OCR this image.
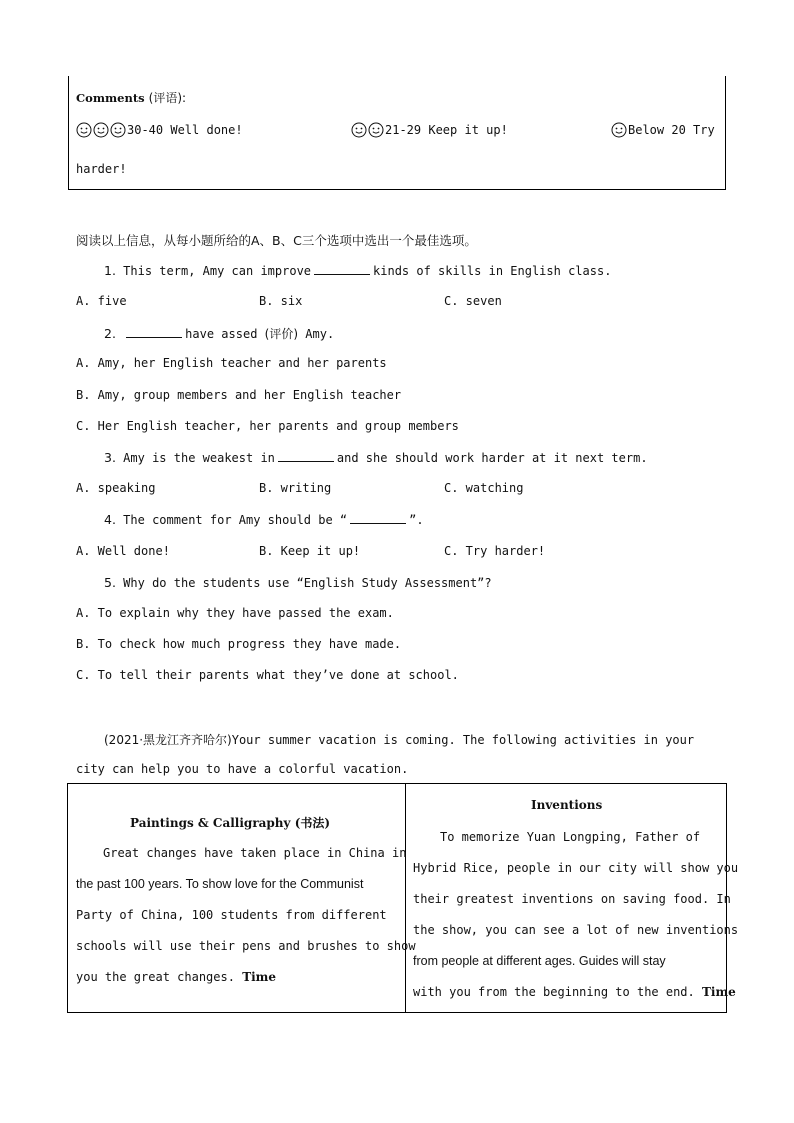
Comments (评语):
30-40 Well done!	21-29 Keep it up!	Below 20 Try
harder!
阅读以上信息，从每小题所给的A、B、C三个选项中选出一个最佳选项。
1. This term, Amy can improve	kinds of skills in English class.
A. five	B. six	C. seven
2.	have assed (评价) Amy.
A. Amy, her English teacher and her parents
B. Amy, group members and her English teacher
C. Her English teacher, her parents and group members
3. Amy is the weakest in	and she should work harder at it next term.
A. speaking	B. writing	C. watching
4. The comment for Amy should be “	”.
A. Well done!	B. Keep it up!	C. Try harder!
5. Why do the students use “English Study Assessment”?
A. To explain why they have passed the exam.
B. To check how much progress they have made.
C. To tell their parents what they’ve done at school.
(2021·黑龙江齐齐哈尔)Your summer vacation is coming. The following activities in your
city can help you to have a colorful vacation.
Paintings & Calligraphy (书法)
Great changes have taken place in China in
the past 100 years. To show love for the Communist
Party of China, 100 students from different
schools will use their pens and brushes to show
you the great changes. Time
Inventions
To memorize Yuan Longping, Father of
Hybrid Rice, people in our city will show you
their greatest inventions on saving food. In
the show, you can see a lot of new inventions
from people at different ages. Guides will stay
with you from the beginning to the end. Time
